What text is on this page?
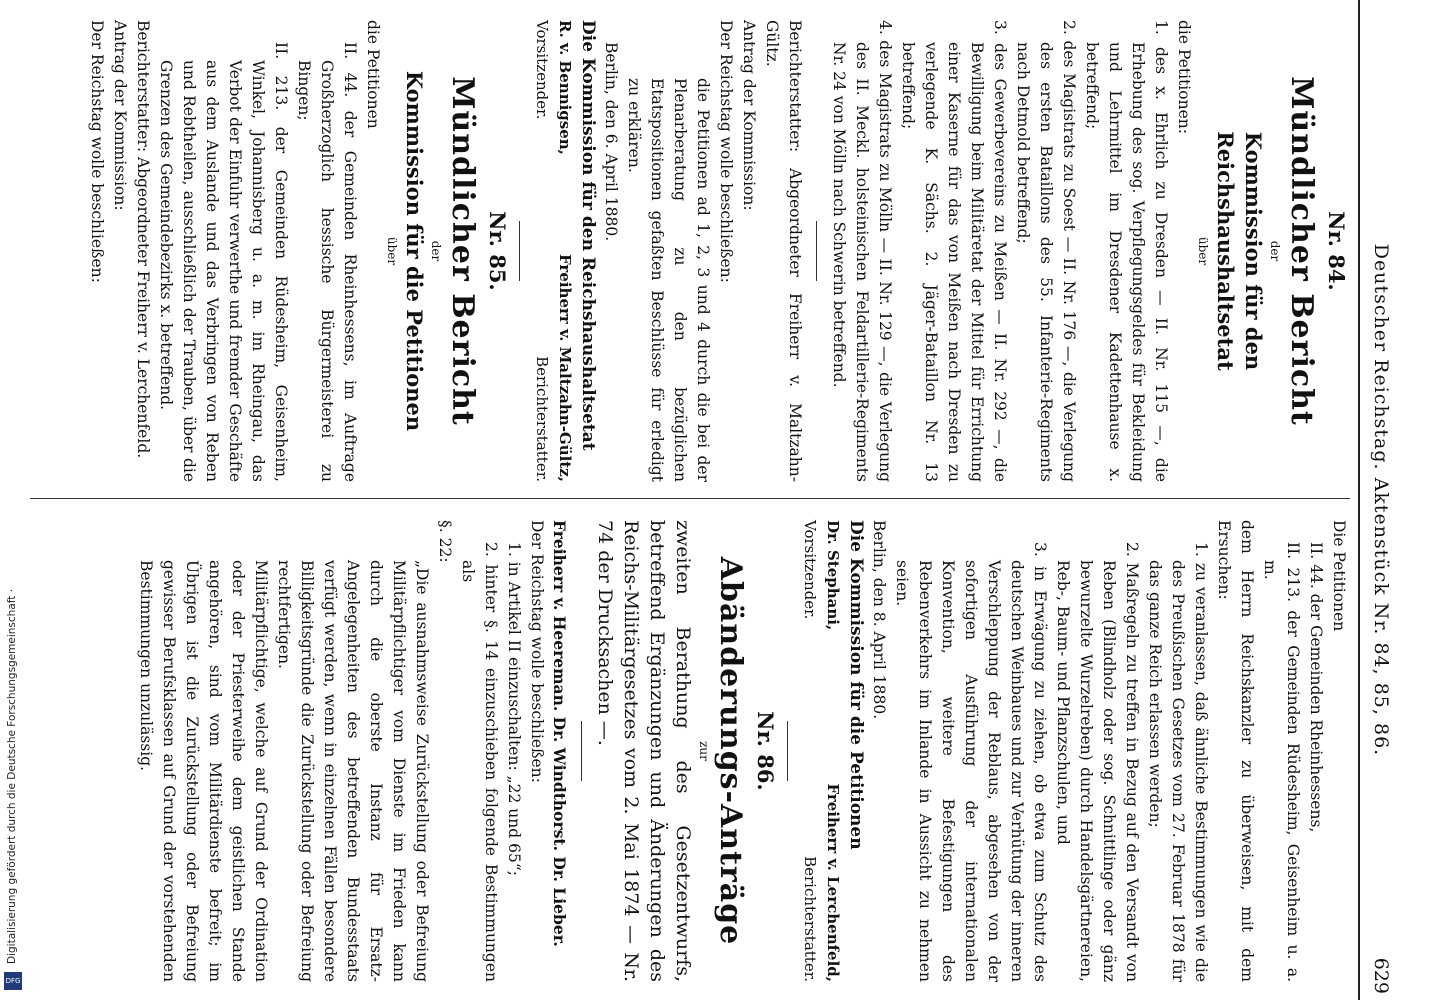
Deutscher Reichstag. Aktenstück Nr. 84, 85, 86.
629
Nr. 84.
Mündlicher Bericht
der
Kommission für den Reichshaushaltsetat
über

die Petitionen:

1. des x. Ehrlich zu Dresden — II. Nr. 115 —, die Erhebung des sog. Verpflegungsgeldes für Bekleidung und Lehrmittel im Dresdener Kadettenhause x. betreffend;

2. des Magistrats zu Soest — II. Nr. 176 —, die Verlegung des ersten Bataillons des 55. Infanterie-Regiments nach Detmold betreffend;

3. des Gewerbevereins zu Meißen — II. Nr. 292 —, die Bewilligung beim Militäretat der Mittel für Errichtung einer Kaserne für das von Meißen nach Dresden zu verlegende K. Sächs. 2. Jäger-Bataillon Nr. 13 betreffend;

4. des Magistrats zu Mölln — II. Nr. 129 —, die Verlegung des II. Meckl. holsteinischen Feldartillerie-Regiments Nr. 24 von Mölln nach Schwerin betreffend.

Berichterstatter: Abgeordneter Freiherr v. Maltzahn-Gültz.

Antrag der Kommission:

Der Reichstag wolle beschließen:

die Petitionen ad 1, 2, 3 und 4 durch die bei der Plenarberatung zu den bezüglichen Etatspositionen gefaßten Beschlüsse für erledigt zu erklären.

Berlin, den 6. April 1880.

Die Kommission für den Reichshaushaltsetat

R. v. Bennigsen,
Vorsitzender.
Freiherr v. Maltzahn-Gültz,
Berichterstatter.
Nr. 85.
Mündlicher Bericht
der
Kommission für die Petitionen
über

die Petitionen

II. 44. der Gemeinden Rheinhessens, im Auftrage Großherzoglich hessische Bürgermeisterei zu Bingen;

II. 213. der Gemeinden Rüdesheim, Geisenheim, Winkel, Johannisberg u. a. m. im Rheingau, das Verbot der Einfuhr verwerthe und fremder Geschäfte aus dem Auslande und das Verbringen von Reben und Rebtheilen, ausschließlich der Trauben, über die Grenzen des Gemeindebezirks x. betreffend.

Berichterstatter: Abgeordneter Freiherr v. Lerchenfeld.

Antrag der Kommission:

Der Reichstag wolle beschließen:

Die Petitionen

II. 44. der Gemeinden Rheinhessens,

II. 213. der Gemeinden Rüdesheim, Geisenheim u. a. m.

dem Herrn Reichskanzler zu überweisen, mit dem Ersuchen:

1. zu veranlassen, daß ähnliche Bestimmungen wie die des Preußischen Gesetzes vom 27. Februar 1878 für das ganze Reich erlassen werden;

2. Maßregeln zu treffen in Bezug auf den Versandt von Reben (Blindholz oder sog. Schnittlinge oder gänz bewurzelte Wurzelreben) durch Handelsgärtnereien, Reb-, Baum- und Pflanzschulen, und

3. in Erwägung zu ziehen, ob etwa zum Schutz des deutschen Weinbaues und zur Verhütung der inneren Verschleppung der Reblaus, abgesehen von der sofortigen Ausführung der internationalen Konvention, weitere Befestigungen des Rebenverkehrs im Inlande in Aussicht zu nehmen seien.

Berlin, den 8. April 1880.

Die Kommission für die Petitionen

Dr. Stephani,
Vorsitzender.
Freiherr v. Lerchenfeld,
Berichterstatter.
Nr. 86.
Abänderungs-Anträge
zur

zweiten Berathung des Gesetzentwurfs, betreffend Ergänzungen und Änderungen des Reichs-Militärgesetzes vom 2. Mai 1874 — Nr. 74 der Drucksachen —.

Freiherr v. Heereman. Dr. Windthorst. Dr. Lieber.

Der Reichstag wolle beschließen:

1. in Artikel II einzuschalten: „22 und 65“;

2. hinter §. 14 einzuschieben folgende Bestimmungen als

§. 22:

„Die ausnahmsweise Zurückstellung oder Befreiung Militärpflichtiger vom Dienste im Frieden kann durch die oberste Instanz für Ersatz-Angelegenheiten des betreffenden Bundesstaats verfügt werden, wenn in einzelnen Fällen besondere Billigkeitsgründe die Zurückstellung oder Befreiung rechtfertigen.

Militärpflichtige, welche auf Grund der Ordination oder der Priesterweihe dem geistlichen Stande angehören, sind vom Militärdienste befreit; im Übrigen ist die Zurückstellung oder Befreiung gewisser Berufsklassen auf Grund der vorstehenden Bestimmungen unzulässig.

Digitalisierung gefördert durch die Deutsche Forschungsgemeinschaft ·
DFG
